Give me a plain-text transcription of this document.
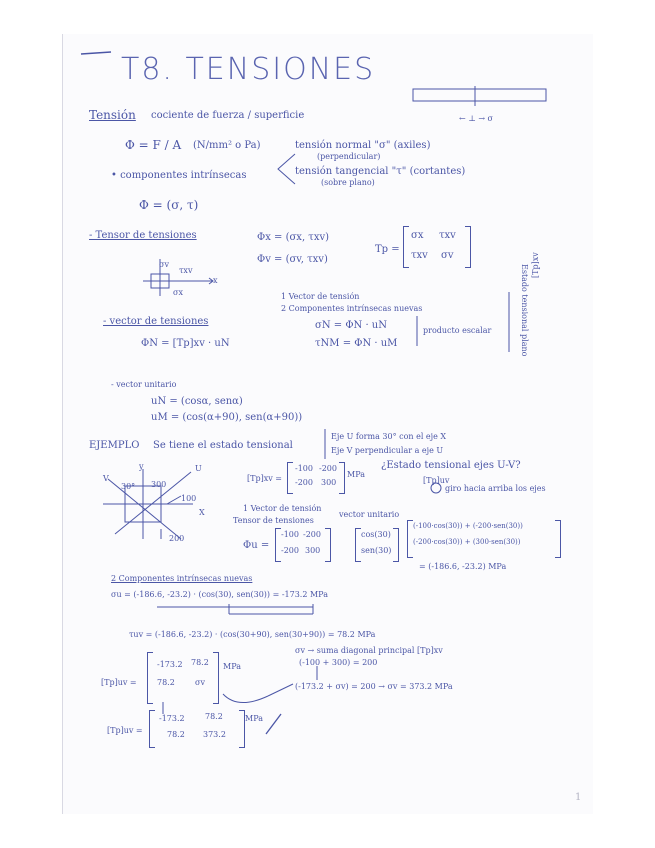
T8. TENSIONES
Tensión cociente de fuerza / superficie
Φ = F / A (N/mm² o Pa)	tensión normal "σ" (axiles)
(perpendicular)
• componentes intrínsecas	tensión tangencial "τ" (cortantes)
(sobre plano)
Φ = (σ, τ)
← ⊥ → σ
- Tensor de tensiones	Φx = (σx, τxv)
Φv = (σv, τxv)
Tp =
σx τxv
τxv σv
σv
τxv
σx
x
1 Vector de tensión
2 Componentes intrínsecas nuevas
- vector de tensiones	σN = ΦN · uN
τNM = ΦN · uM
producto escalar
ΦN = [Tp]xv · uN	Estado tensional plano [Tp]xv
- vector unitario
uN = (cosα, senα)
uM = (cos(α+90), sen(α+90))
EJEMPLO Se tiene el estado tensional
Eje U forma 30° con el eje X
Eje V perpendicular a eje U
¿Estado tensional ejes U-V?
[Tp]uv
[Tp]xv =
-100 -200
-200 300
MPa
giro hacia arriba los ejes
y	U
V
X
300
100
200
30°
1 Vector de tensión
Tensor de tensiones
vector unitario
Φu =
-100 -200
-200 300
cos(30)
sen(30)
(-100·cos(30)) + (-200·sen(30))
(-200·cos(30)) + (300·sen(30))
= (-186.6, -23.2) MPa
2 Componentes intrínsecas nuevas
σu = (-186.6, -23.2) · (cos(30), sen(30)) = -173.2 MPa
τuv = (-186.6, -23.2) · (cos(30+90), sen(30+90)) = 78.2 MPa
σv → suma diagonal principal [Tp]xv
(-100 + 300) = 200
(-173.2 + σv) = 200 → σv = 373.2 MPa
[Tp]uv =
-173.2 78.2
78.2	σv
MPa
[Tp]uv =
-173.2	78.2
78.2 373.2
MPa
1
